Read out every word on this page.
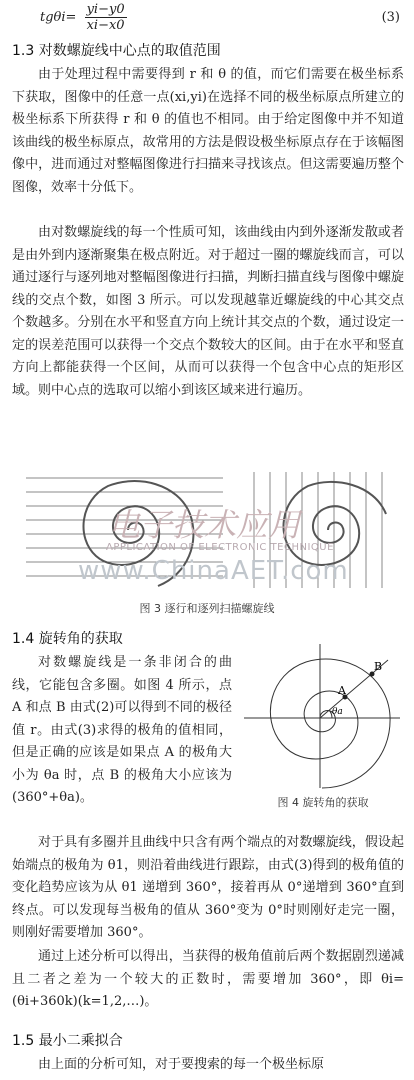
$tg\theta i= \frac{yi-y0}{xi-x0}$	(3)
1.3 对数螺旋线中心点的取值范围
由于处理过程中需要得到 r 和 θ 的值，而它们需要在极坐标系下获取，图像中的任意一点(xi,yi)在选择不同的极坐标原点所建立的极坐标系下所获得 r 和 θ 的值也不相同。由于给定图像中并不知道该曲线的极坐标原点，故常用的方法是假设极坐标原点存在于该幅图像中，进而通过对整幅图像进行扫描来寻找该点。但这需要遍历整个图像，效率十分低下。
由对数螺旋线的每一个性质可知，该曲线由内到外逐渐发散或者是由外到内逐渐聚集在极点附近。对于超过一圈的螺旋线而言，可以通过逐行与逐列地对整幅图像进行扫描，判断扫描直线与图像中螺旋线的交点个数，如图 3 所示。可以发现越靠近螺旋线的中心其交点个数越多。分别在水平和竖直方向上统计其交点的个数，通过设定一定的误差范围可以获得一个交点个数较大的区间。由于在水平和竖直方向上都能获得一个区间，从而可以获得一个包含中心点的矩形区域。则中心点的选取可以缩小到该区域来进行遍历。
电子技术应用
APPLICATION OF ELECTRONIC TECHNIQUE
www.ChinaAET.com
图 3 逐行和逐列扫描螺旋线
1.4 旋转角的获取
对数螺旋线是一条非闭合的曲线，它能包含多圈。如图 4 所示，点 A 和点 B 由式(2)可以得到不同的极径值 r。由式(3)求得的极角的值相同，但是正确的应该是如果点 A 的极角大小为 θa 时，点 B 的极角大小应该为(360°+θa)。
A
B
θa
图 4 旋转角的获取
对于具有多圈并且曲线中只含有两个端点的对数螺旋线，假设起始端点的极角为 θ1，则沿着曲线进行跟踪，由式(3)得到的极角值的变化趋势应该为从 θ1 递增到 360°，接着再从 0°递增到 360°直到终点。可以发现每当极角的值从 360°变为 0°时则刚好走完一圈，则刚好需要增加 360°。
通过上述分析可以得出，当获得的极角值前后两个数据剧烈递减且二者之差为一个较大的正数时，需要增加 360°，即 θi=(θi+360k)(k=1,2,…)。
1.5 最小二乘拟合
由上面的分析可知，对于要搜索的每一个极坐标原
